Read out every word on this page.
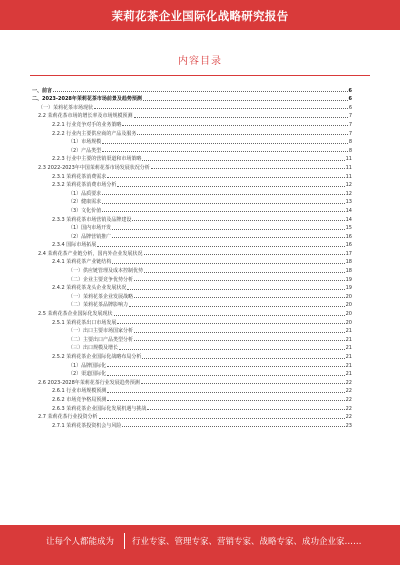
茉莉花茶企业国际化战略研究报告
内容目录
一、前言	6
二、2023-2028年茉莉花茶市场前景及趋势预测	6
（一）茉莉花茶市场现状	6
2.2 茉莉花茶市场的增长率及市场规模预测	7
2.2.1 行业竞争对手的业务策略	7
2.2.2 行业内主要供应商的产品及服务	7
（1）市场规模	8
（2）产品类型	8
2.2.3 行业中主要的营销渠道和市场策略	11
2.3 2022-2023年中国茉莉花茶市场发展状况分析	11
2.3.1 茉莉花茶消费需求	11
2.3.2 茉莉花茶消费市场分析	12
（1）品质要求	12
（2）健康需求	13
（3）文化价值	14
2.3.3 茉莉花茶市场营销及品牌建设	14
（1）国内市场开发	15
（2）品牌营销推广	16
2.3.4 国际市场拓展	16
2.4 茉莉花茶产业链分析，国内外企业发展状况	17
2.4.1 茉莉花茶产业链结构	18
（一）供应链管理及成本控制优势	18
（二）企业主要竞争优势分析	19
2.4.2 茉莉花茶龙头企业发展状况	19
（一）茉莉花茶企业发展战略	20
（二）茉莉花茶品牌影响力	20
2.5 茉莉花茶企业国际化发展现状	20
2.5.1 茉莉花茶出口市场发展	20
（一）出口主要市场国家分析	21
（二）主要出口产品类型分析	21
（三）出口规模及增长	21
2.5.2 茉莉花茶企业国际化战略布局分析	21
（1）品牌国际化	21
（2）渠道国际化	21
2.6 2023-2028年茉莉花茶行业发展趋势预测	22
2.6.1 行业市场规模预测	22
2.6.2 市场竞争格局预测	22
2.6.3 茉莉花茶企业国际化发展机遇与挑战	22
2.7 茉莉花茶行业投资分析	22
2.7.1 茉莉花茶投资机会与风险	23
让每个人都能成为 行业专家、管理专家、营销专家、战略专家、成功企业家……
